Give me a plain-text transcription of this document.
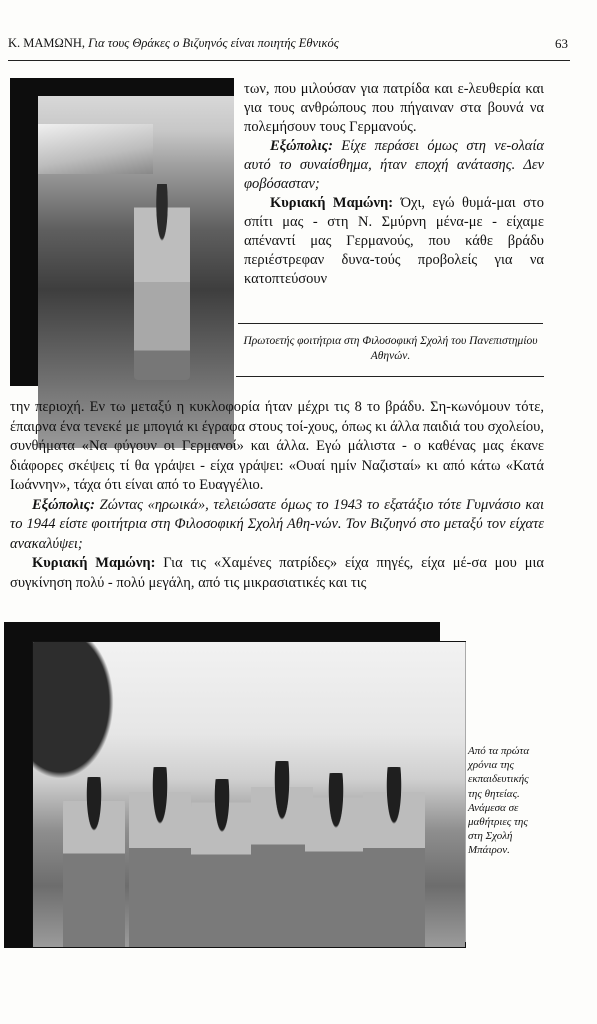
Κ. ΜΑΜΩΝΗ, Για τους Θράκες ο Βιζυηνός είναι ποιητής Εθνικός	63

των, που μιλούσαν για πατρίδα και ε-λευθερία και για τους ανθρώπους που πήγαιναν στα βουνά να πολεμήσουν τους Γερμανούς.

Εξώπολις: Είχε περάσει όμως στη νε-ολαία αυτό το συναίσθημα, ήταν εποχή ανάτασης. Δεν φοβόσασταν;

Κυριακή Μαμώνη: Όχι, εγώ θυμά-μαι στο σπίτι μας - στη Ν. Σμύρνη μένα-με - είχαμε απέναντί μας Γερμανούς, που κάθε βράδυ περιέστρεφαν δυνα-τούς προβολείς για να κατοπτεύσουν

Πρωτοετής φοιτήτρια στη Φιλοσοφική Σχολή του Πανεπιστημίου Αθηνών.

την περιοχή. Εν τω μεταξύ η κυκλοφορία ήταν μέχρι τις 8 το βράδυ. Ση-κωνόμουν τότε, έπαιρνα ένα τενεκέ με μπογιά κι έγραφα στους τοί-χους, όπως κι άλλα παιδιά του σχολείου, συνθήματα «Να φύγουν οι Γερμανοί» και άλλα. Εγώ μάλιστα - ο καθένας μας έκανε διάφορες σκέψεις τί θα γράψει - είχα γράψει: «Ουαί ημίν Ναζισταί» κι από κάτω «Κατά Ιωάννην», τάχα ότι είναι από το Ευαγγέλιο.

Εξώπολις: Ζώντας «ηρωικά», τελειώσατε όμως το 1943 το εξατάξιο τότε Γυμνάσιο και το 1944 είστε φοιτήτρια στη Φιλοσοφική Σχολή Αθη-νών. Τον Βιζυηνό στο μεταξύ τον είχατε ανακαλύψει;

Κυριακή Μαμώνη: Για τις «Χαμένες πατρίδες» είχα πηγές, είχα μέ-σα μου μια συγκίνηση πολύ - πολύ μεγάλη, από τις μικρασιατικές και τις

Από τα πρώτα χρόνια της εκπαιδευτικής της θητείας. Ανάμεσα σε μαθήτριες της στη Σχολή Μπάιρον.
